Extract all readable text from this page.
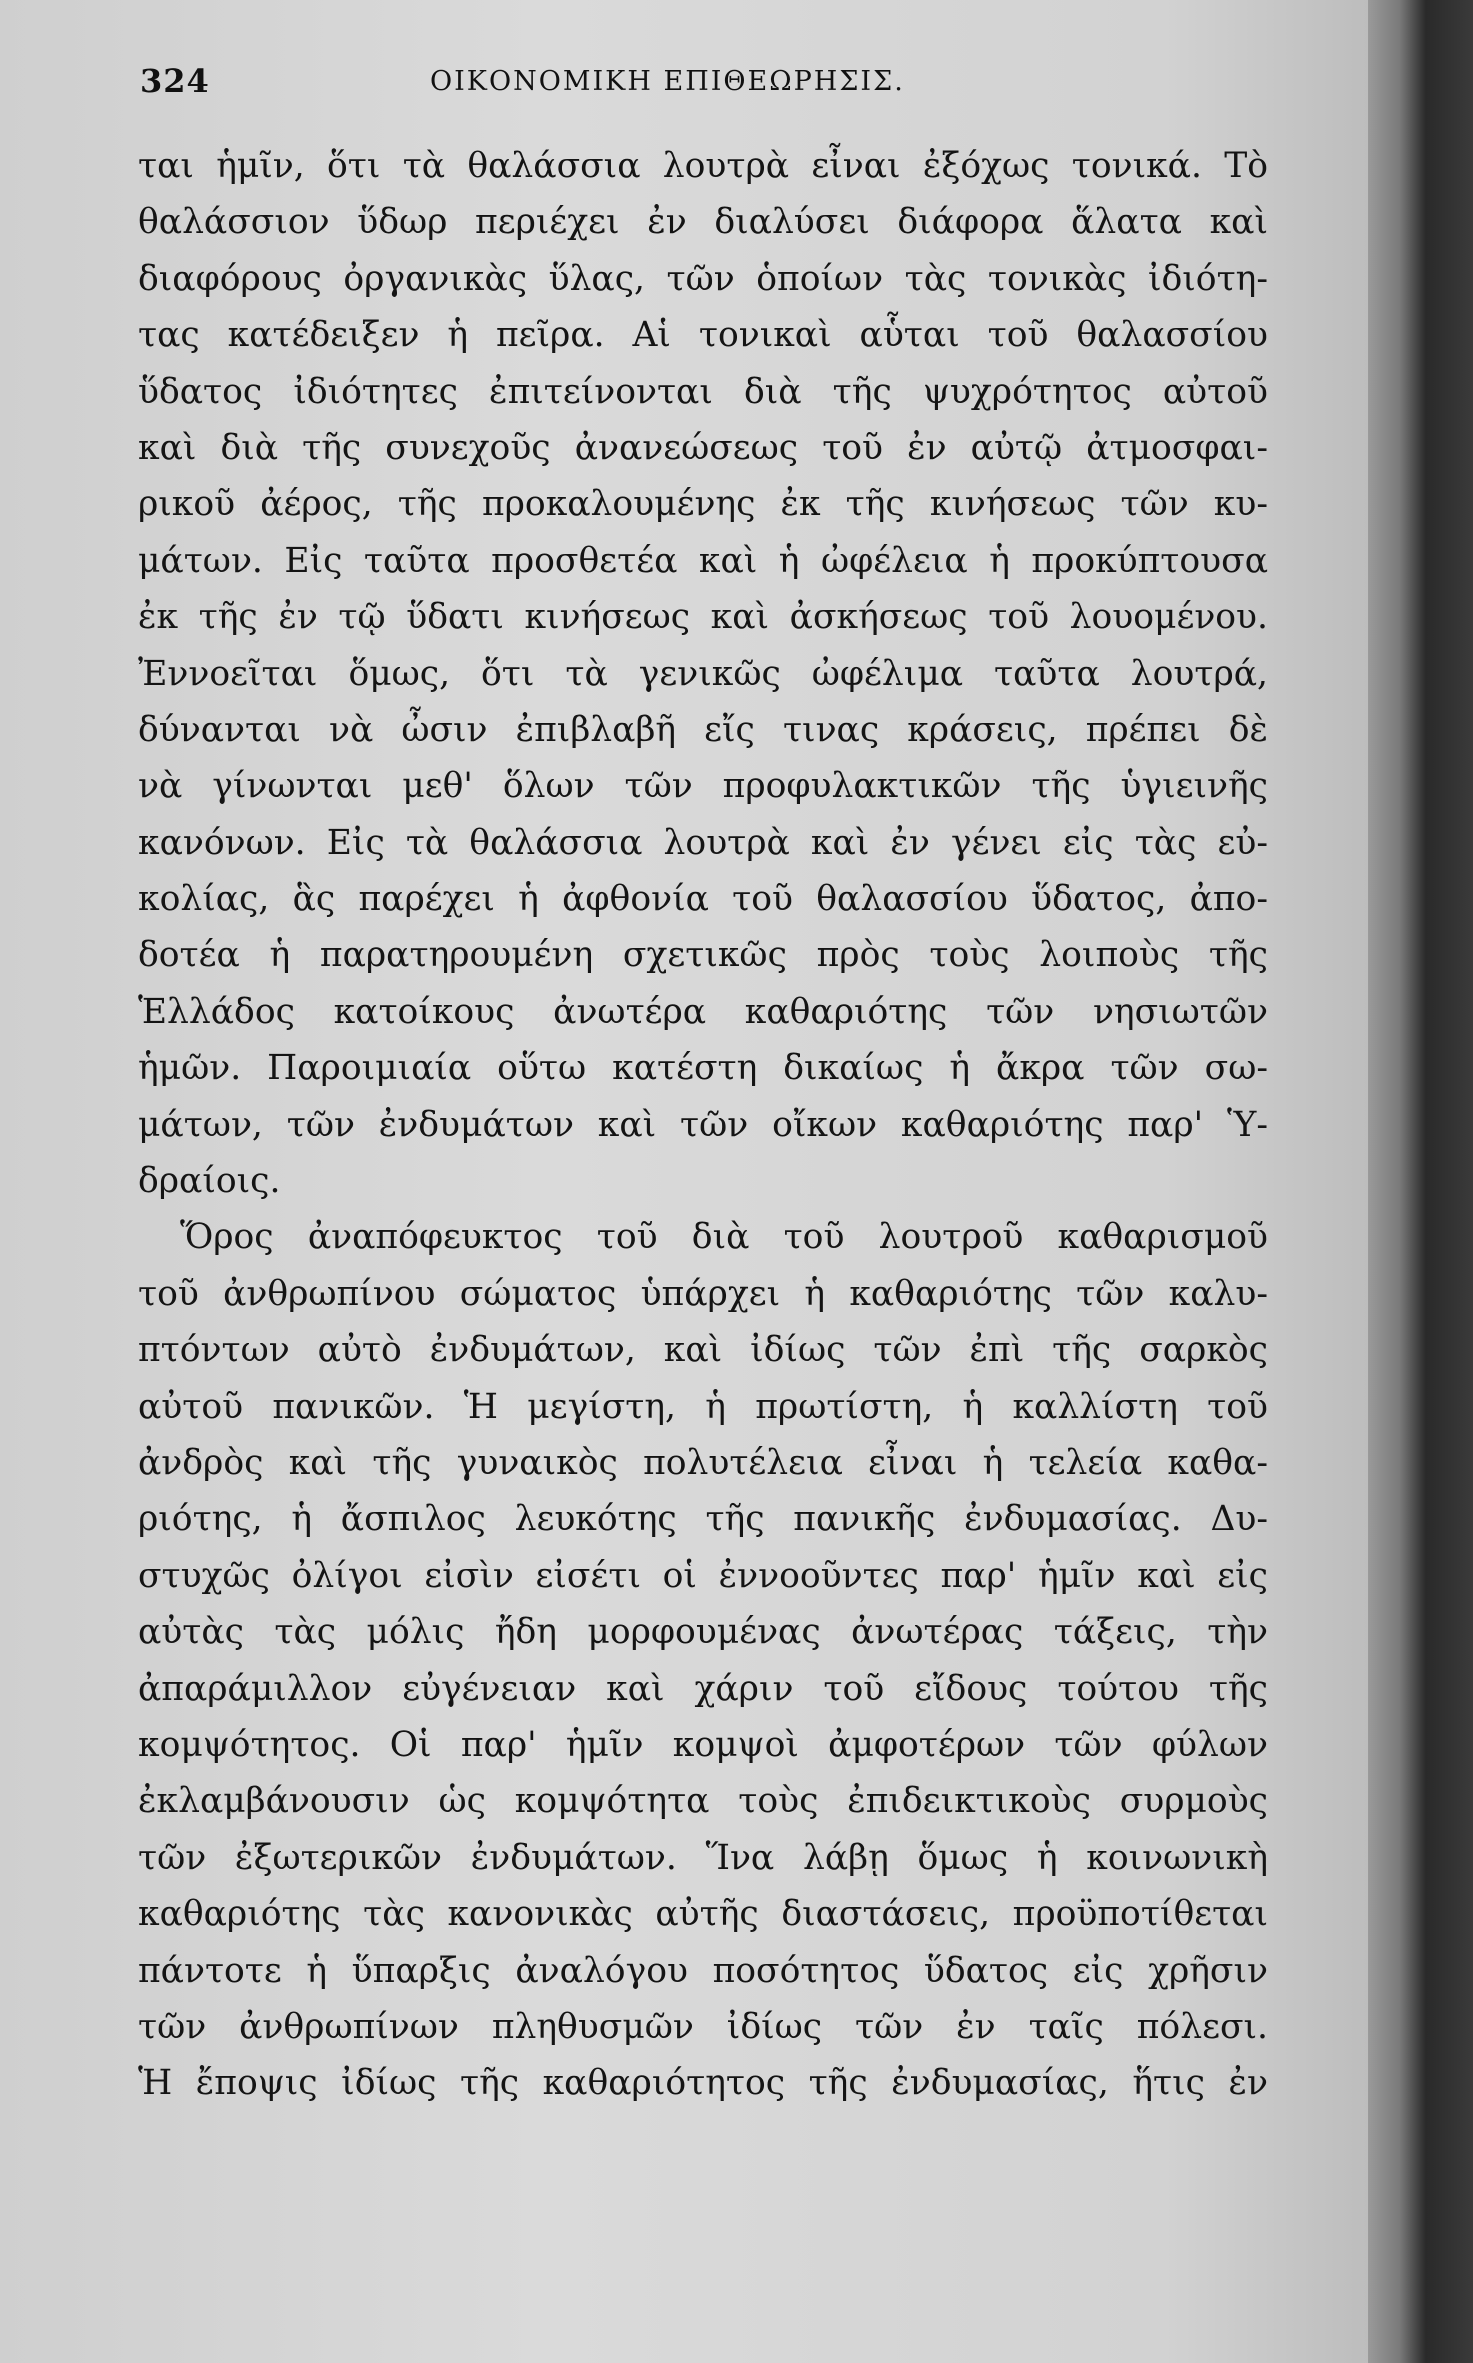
324	ΟΙΚΟΝΟΜΙΚΗ ΕΠΙΘΕΩΡΗΣΙΣ.
ται ἡμῖν, ὅτι τὰ θαλάσσια λουτρὰ εἶναι ἐξόχως τονικά. Τὸ
θαλάσσιον ὕδωρ περιέχει ἐν διαλύσει διάφορα ἅλατα καὶ
διαφόρους ὀργανικὰς ὕλας, τῶν ὁποίων τὰς τονικὰς ἰδιότη-
τας κατέδειξεν ἡ πεῖρα. Αἱ τονικαὶ αὗται τοῦ θαλασσίου
ὕδατος ἰδιότητες ἐπιτείνονται διὰ τῆς ψυχρότητος αὐτοῦ
καὶ διὰ τῆς συνεχοῦς ἀνανεώσεως τοῦ ἐν αὐτῷ ἀτμοσφαι-
ρικοῦ ἀέρος, τῆς προκαλουμένης ἐκ τῆς κινήσεως τῶν κυ-
μάτων. Εἰς ταῦτα προσθετέα καὶ ἡ ὠφέλεια ἡ προκύπτουσα
ἐκ τῆς ἐν τῷ ὕδατι κινήσεως καὶ ἀσκήσεως τοῦ λουομένου.
Ἐννοεῖται ὅμως, ὅτι τὰ γενικῶς ὠφέλιμα ταῦτα λουτρά,
δύνανται νὰ ὦσιν ἐπιβλαβῆ εἴς τινας κράσεις, πρέπει δὲ
νὰ γίνωνται μεθ' ὅλων τῶν προφυλακτικῶν τῆς ὑγιεινῆς
κανόνων. Εἰς τὰ θαλάσσια λουτρὰ καὶ ἐν γένει εἰς τὰς εὐ-
κολίας, ἃς παρέχει ἡ ἀφθονία τοῦ θαλασσίου ὕδατος, ἀπο-
δοτέα ἡ παρατηρουμένη σχετικῶς πρὸς τοὺς λοιποὺς τῆς
Ἑλλάδος κατοίκους ἀνωτέρα καθαριότης τῶν νησιωτῶν
ἡμῶν. Παροιμιαία οὕτω κατέστη δικαίως ἡ ἄκρα τῶν σω-
μάτων, τῶν ἐνδυμάτων καὶ τῶν οἴκων καθαριότης παρ' Ὑ-
δραίοις.
Ὅρος ἀναπόφευκτος τοῦ διὰ τοῦ λουτροῦ καθαρισμοῦ
τοῦ ἀνθρωπίνου σώματος ὑπάρχει ἡ καθαριότης τῶν καλυ-
πτόντων αὐτὸ ἐνδυμάτων, καὶ ἰδίως τῶν ἐπὶ τῆς σαρκὸς
αὐτοῦ πανικῶν. Ἡ μεγίστη, ἡ πρωτίστη, ἡ καλλίστη τοῦ
ἀνδρὸς καὶ τῆς γυναικὸς πολυτέλεια εἶναι ἡ τελεία καθα-
ριότης, ἡ ἄσπιλος λευκότης τῆς πανικῆς ἐνδυμασίας. Δυ-
στυχῶς ὀλίγοι εἰσὶν εἰσέτι οἱ ἐννοοῦντες παρ' ἡμῖν καὶ εἰς
αὐτὰς τὰς μόλις ἤδη μορφουμένας ἀνωτέρας τάξεις, τὴν
ἀπαράμιλλον εὐγένειαν καὶ χάριν τοῦ εἴδους τούτου τῆς
κομψότητος. Οἱ παρ' ἡμῖν κομψοὶ ἀμφοτέρων τῶν φύλων
ἐκλαμβάνουσιν ὡς κομψότητα τοὺς ἐπιδεικτικοὺς συρμοὺς
τῶν ἐξωτερικῶν ἐνδυμάτων. Ἵνα λάβῃ ὅμως ἡ κοινωνικὴ
καθαριότης τὰς κανονικὰς αὐτῆς διαστάσεις, προϋποτίθεται
πάντοτε ἡ ὕπαρξις ἀναλόγου ποσότητος ὕδατος εἰς χρῆσιν
τῶν ἀνθρωπίνων πληθυσμῶν ἰδίως τῶν ἐν ταῖς πόλεσι.
Ἡ ἔποψις ἰδίως τῆς καθαριότητος τῆς ἐνδυμασίας, ἥτις ἐν
